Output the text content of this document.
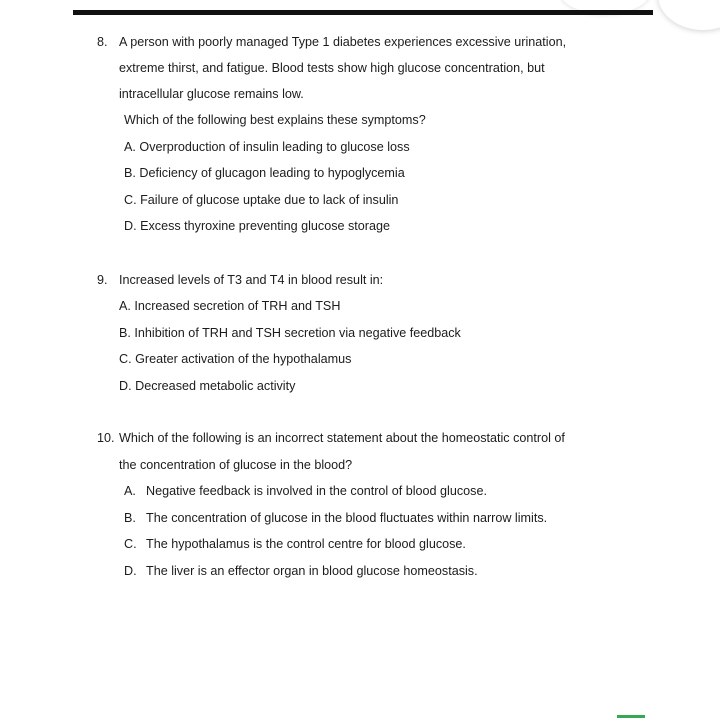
8. A person with poorly managed Type 1 diabetes experiences excessive urination,
extreme thirst, and fatigue. Blood tests show high glucose concentration, but
intracellular glucose remains low.
Which of the following best explains these symptoms?
A. Overproduction of insulin leading to glucose loss
B. Deficiency of glucagon leading to hypoglycemia
C. Failure of glucose uptake due to lack of insulin
D. Excess thyroxine preventing glucose storage
9. Increased levels of T3 and T4 in blood result in:
A. Increased secretion of TRH and TSH
B. Inhibition of TRH and TSH secretion via negative feedback
C. Greater activation of the hypothalamus
D. Decreased metabolic activity
10. Which of the following is an incorrect statement about the homeostatic control of
the concentration of glucose in the blood?
A. Negative feedback is involved in the control of blood glucose.
B. The concentration of glucose in the blood fluctuates within narrow limits.
C. The hypothalamus is the control centre for blood glucose.
D. The liver is an effector organ in blood glucose homeostasis.
